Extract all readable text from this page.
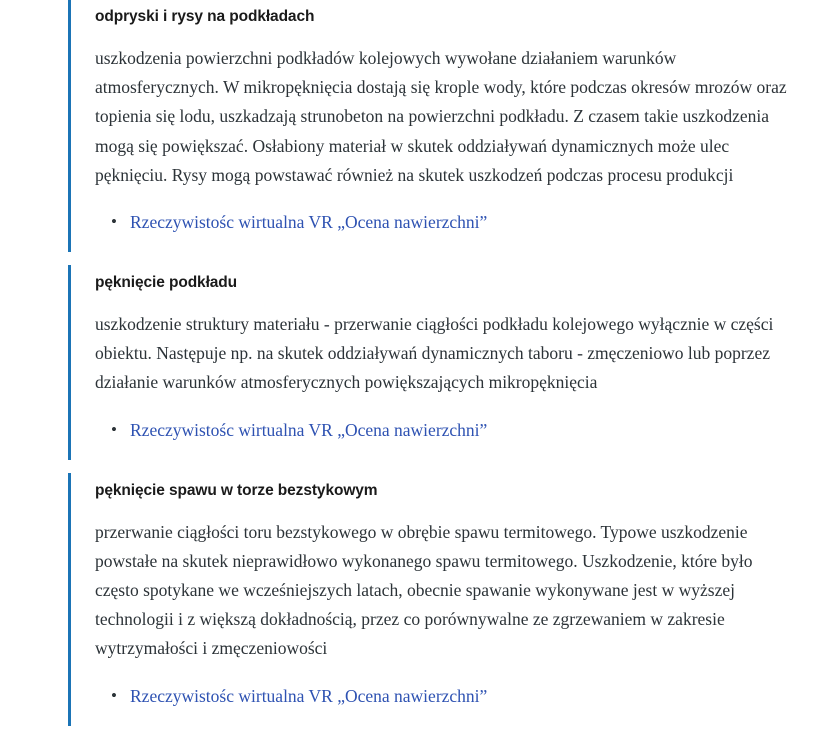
odpryski i rysy na podkładach

uszkodzenia powierzchni podkładów kolejowych wywołane działaniem warunków atmosferycznych. W mikropęknięcia dostają się krople wody, które podczas okresów mrozów oraz topienia się lodu, uszkadzają strunobeton na powierzchni podkładu. Z czasem takie uszkodzenia mogą się powiększać. Osłabiony materiał w skutek oddziaływań dynamicznych może ulec pęknięciu. Rysy mogą powstawać również na skutek uszkodzeń podczas procesu produkcji

• Rzeczywistośc wirtualna VR „Ocena nawierzchni”
pęknięcie podkładu

uszkodzenie struktury materiału - przerwanie ciągłości podkładu kolejowego wyłącznie w części obiektu. Następuje np. na skutek oddziaływań dynamicznych taboru - zmęczeniowo lub poprzez działanie warunków atmosferycznych powiększających mikropęknięcia

• Rzeczywistośc wirtualna VR „Ocena nawierzchni”
pęknięcie spawu w torze bezstykowym

przerwanie ciągłości toru bezstykowego w obrębie spawu termitowego. Typowe uszkodzenie powstałe na skutek nieprawidłowo wykonanego spawu termitowego. Uszkodzenie, które było często spotykane we wcześniejszych latach, obecnie spawanie wykonywane jest w wyższej technologii i z większą dokładnością, przez co porównywalne ze zgrzewaniem w zakresie wytrzymałości i zmęczeniowości

• Rzeczywistośc wirtualna VR „Ocena nawierzchni”
